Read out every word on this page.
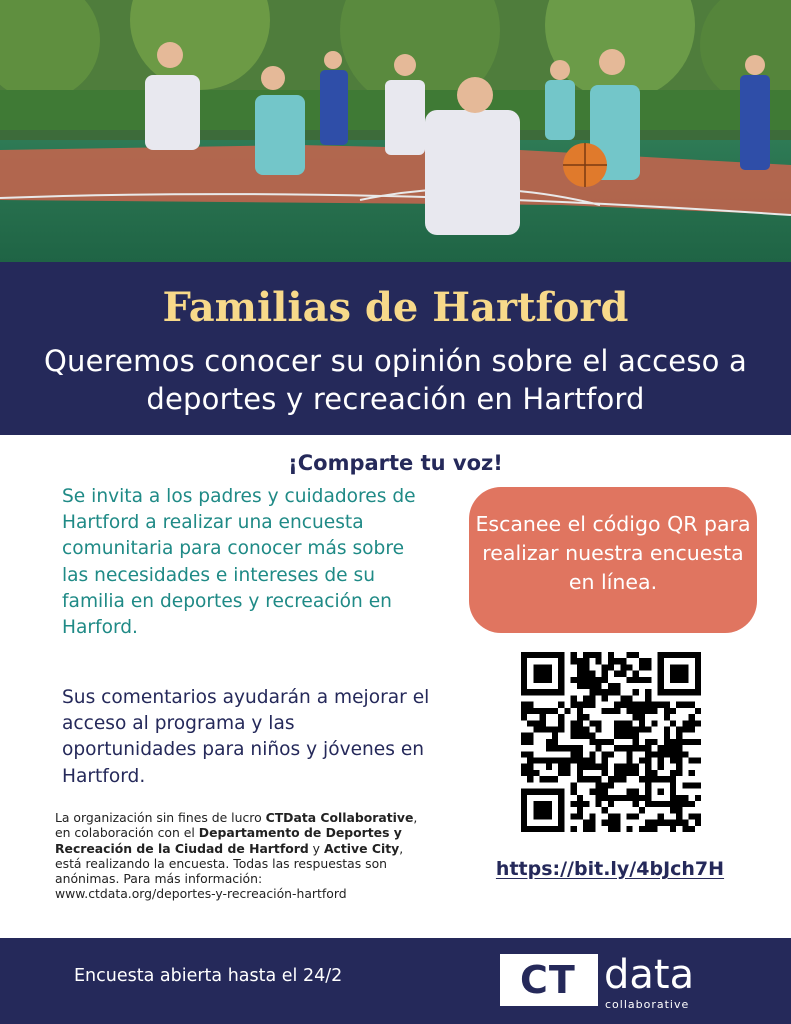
Familias de Hartford
Queremos conocer su opinión sobre el acceso a deportes y recreación en Hartford
¡Comparte tu voz!
Se invita a los padres y cuidadores de Hartford a realizar una encuesta comunitaria para conocer más sobre las necesidades e intereses de su familia en deportes y recreación en Harford.
Sus comentarios ayudarán a mejorar el acceso al programa y las oportunidades para niños y jóvenes en Hartford.
La organización sin fines de lucro CTData Collaborative, en colaboración con el Departamento de Deportes y Recreación de la Ciudad de Hartford y Active City, está realizando la encuesta. Todas las respuestas son anónimas. Para más información: www.ctdata.org/deportes-y-recreación-hartford
Escanee el código QR para realizar nuestra encuesta en línea.
https://bit.ly/4bJch7H
Encuesta abierta hasta el 24/2	CT data
collaborative
